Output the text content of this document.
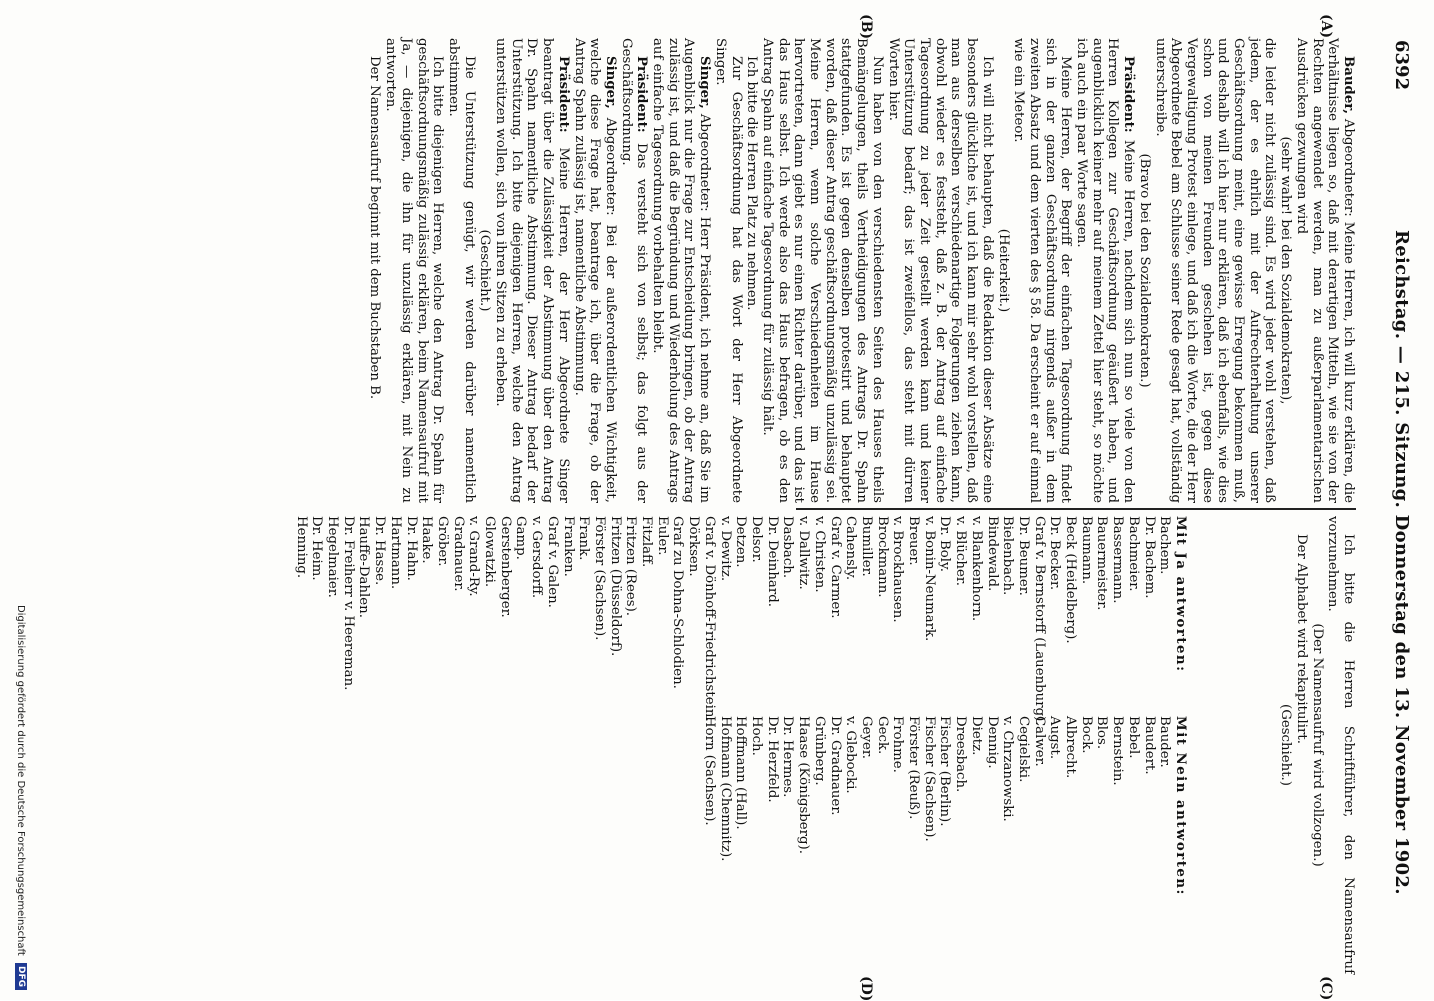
6392
Reichstag. — 215. Sitzung. Donnerstag den 13. November 1902.
(A)
(B)
(C)
(D)

Bauder, Abgeordneter: Meine Herren, ich will kurz erklären, die Verhältnisse liegen so, daß mit derartigen Mitteln, wie sie von der Rechten angewendet werden, man zu außerparlamentarischen Ausdrücken gezwungen wird

(sehr wahr! bei den Sozialdemokraten),

die leider nicht zulässig sind. Es wird jeder wohl verstehen, daß jedem, der es ehrlich mit der Aufrechterhaltung unserer Geschäftsordnung meint, eine gewisse Erregung bekommen muß, und deshalb will ich hier nur erklären, daß ich ebenfalls, wie dies schon von meinen Freunden geschehen ist, gegen diese Vergewaltigung Protest einlege, und daß ich die Worte, die der Herr Abgeordnete Bebel am Schlusse seiner Rede gesagt hat, vollständig unterschreibe.

(Bravo bei den Sozialdemokraten.)

Präsident: Meine Herren, nachdem sich nun so viele von den Herren Kollegen zur Geschäftsordnung geäußert haben, und augenblicklich keiner mehr auf meinem Zettel hier steht, so möchte ich auch ein paar Worte sagen.

Meine Herren, der Begriff der einfachen Tagesordnung findet sich in der ganzen Geschäftsordnung nirgends außer in dem zweiten Absatz und dem vierten des § 58. Da erscheint er auf einmal wie ein Meteor.

(Heiterkeit.)

Ich will nicht behaupten, daß die Redaktion dieser Absätze eine besonders glückliche ist, und ich kann mir sehr wohl vorstellen, daß man aus derselben verschiedenartige Folgerungen ziehen kann, obwohl wieder es feststeht, daß z. B. der Antrag auf einfache Tagesordnung zu jeder Zeit gestellt werden kann und keiner Unterstützung bedarf; das ist zweifellos, das steht mit dürren Worten hier.

Nun haben von den verschiedensten Seiten des Hauses theils Bemängelungen, theils Vertheidigungen des Antrags Dr. Spahn stattgefunden. Es ist gegen denselben protestirt und behauptet worden, daß dieser Antrag geschäftsordnungsmäßig unzulässig sei. Meine Herren, wenn solche Verschiedenheiten im Hause hervortreten, dann giebt es nur einen Richter darüber, und das ist das Haus selbst. Ich werde also das Haus befragen, ob es den Antrag Spahn auf einfache Tagesordnung für zulässig hält.

Ich bitte die Herren Platz zu nehmen.

Zur Geschäftsordnung hat das Wort der Herr Abgeordnete Singer.

Singer, Abgeordneter: Herr Präsident, ich nehme an, daß Sie im Augenblick nur die Frage zur Entscheidung bringen, ob der Antrag zulässig ist, und daß die Begründung und Wiederholung des Antrags auf einfache Tagesordnung vorbehalten bleibt.

Präsident: Das versteht sich von selbst; das folgt aus der Geschäftsordnung.

Singer, Abgeordneter: Bei der außerordentlichen Wichtigkeit, welche diese Frage hat, beantrage ich, über die Frage, ob der Antrag Spahn zulässig ist, namentliche Abstimmung.

Präsident: Meine Herren, der Herr Abgeordnete Singer beantragt über die Zulässigkeit der Abstimmung über den Antrag Dr. Spahn namentliche Abstimmung. Dieser Antrag bedarf der Unterstützung. Ich bitte diejenigen Herren, welche den Antrag unterstützen wollen, sich von ihren Sitzen zu erheben.

(Geschieht.)

Die Unterstützung genügt, wir werden darüber namentlich abstimmen.

Ich bitte diejenigen Herren, welche den Antrag Dr. Spahn für geschäftsordnungsmäßig zulässig erklären, beim Namensaufruf mit Ja, — diejenigen, die ihn für unzulässig erklären, mit Nein zu antworten.

Der Namensaufruf beginnt mit dem Buchstaben B.

Ich bitte die Herren Schriftführer, den Namensaufruf vorzunehmen.

(Der Namensaufruf wird vollzogen.)

Der Alphabet wird rekapitulirt.

(Geschieht.)

Mit Ja antworten:
Bachem.
Dr. Bachem.
Bachmeier.
Bassermann.
Bauermeister.
Baumann.
Beck (Heidelberg).
Dr. Becker.
Graf v. Bernstorff (Lauenburg).
Dr. Beumer.
Bielenbach.
Bindewald.
v. Blankenhorn.
v. Blücher.
Dr. Boly.
v. Bonin-Neumark.
Breuer.
v. Brockhausen.
Brockmann.
Bumiller.
Cahensly.
Graf v. Carmer.
v. Christen.
v. Dallwitz.
Dasbach.
Dr. Deinhard.
Delsor.
Detzen.
v. Dewitz.
Graf v. Dönhoff-Friedrichstein.
Dörksen.
Graf zu Dohna-Schlodien.
Euler.
Fitzlaff.
Fritzen (Rees).
Fritzen (Düsseldorf).
Förster (Sachsen).
Frank.
Franken.
Graf v. Galen.
v. Gersdorff.
Gamp.
Gerstenberger.
Glowatzki.
v. Grand-Ry.
Gradnauer.
Gröber.
Haake.
Dr. Hahn.
Hartmann.
Dr. Hasse.
Hauffe-Dahlen.
Dr. Freiherr v. Heereman.
Hegelmaier.
Dr. Heim.
Henning.
Mit Nein antworten:
Bauder.
Baudert.
Bebel.
Bernstein.
Blos.
Bock.
Albrecht.
Augst.
Calwer.
Cegielski.
v. Chrzanowski.
Dennig.
Dietz.
Dreesbach.
Fischer (Berlin).
Fischer (Sachsen).
Förster (Reuß).
Frohme.
Geck.
Geyer.
v. Glebocki.
Dr. Gradnauer.
Grünberg.
Haase (Königsberg).
Dr. Hermes.
Dr. Herzfeld.
Hoch.
Hoffmann (Hall).
Hofmann (Chemnitz).
Horn (Sachsen).
Digitalisierung gefördert durch die Deutsche Forschungsgemeinschaft DFG
